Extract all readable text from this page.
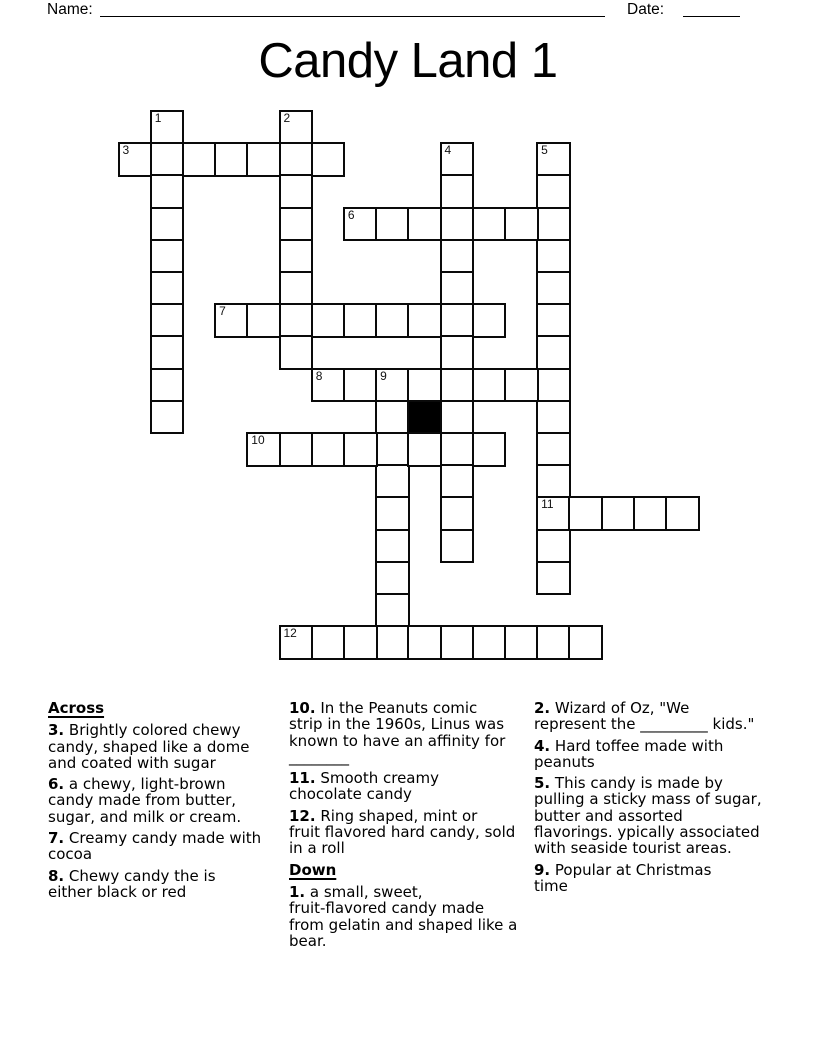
Name:	Date:
Candy Land 1
1	2
3	4	5
11
6
7
8	9
10
12
Across
3. Brightly colored chewy
candy, shaped like a dome
and coated with sugar
6. a chewy, light-brown
candy made from butter,
sugar, and milk or cream.
7. Creamy candy made with
cocoa
8. Chewy candy the is
either black or red
10. In the Peanuts comic
strip in the 1960s, Linus was
known to have an affinity for
________
11. Smooth creamy
chocolate candy
12. Ring shaped, mint or
fruit flavored hard candy, sold
in a roll
Down
1. a small, sweet,
fruit-flavored candy made
from gelatin and shaped like a
bear.
2. Wizard of Oz, "We
represent the _________ kids."
4. Hard toffee made with
peanuts
5. This candy is made by
pulling a sticky mass of sugar,
butter and assorted
flavorings. ypically associated
with seaside tourist areas.
9. Popular at Christmas
time
